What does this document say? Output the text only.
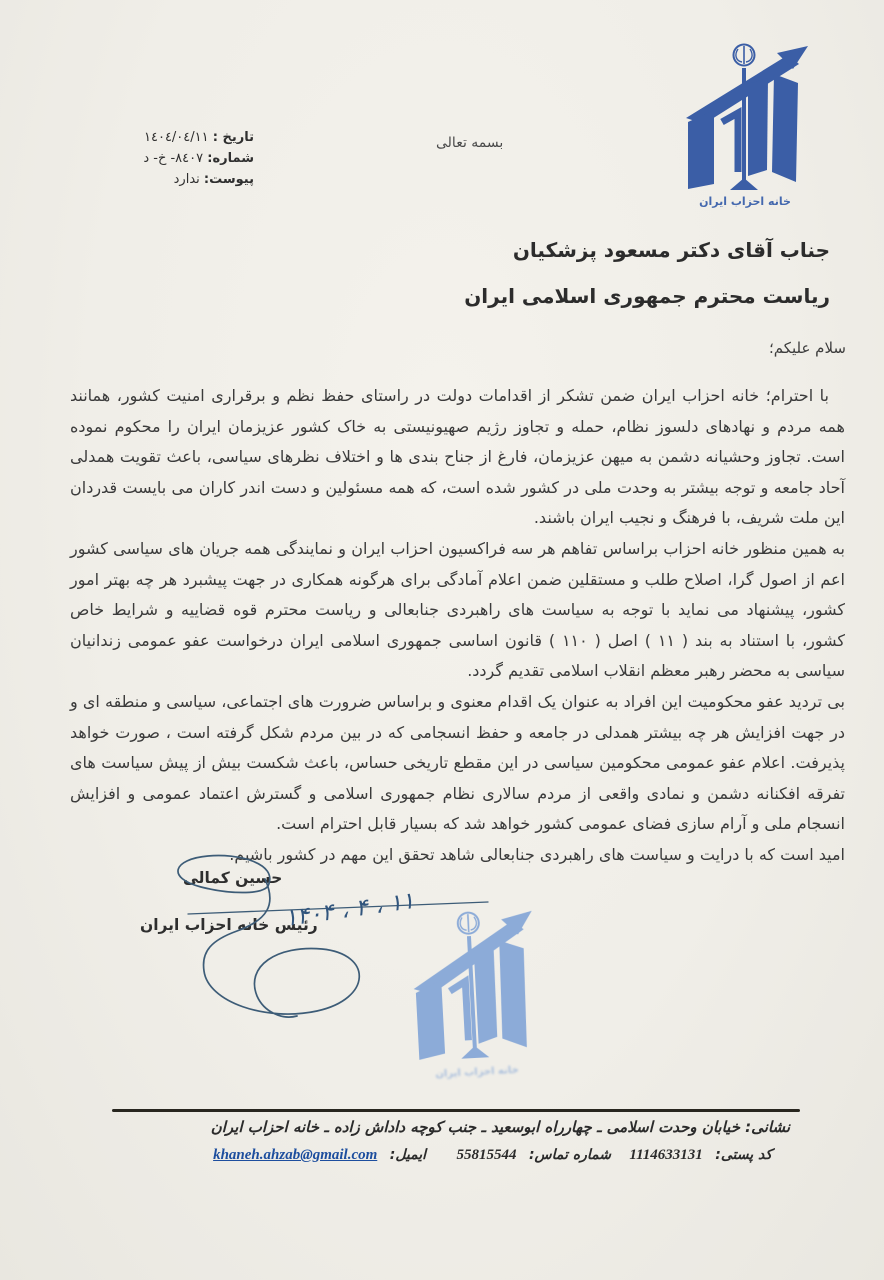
تاریخ : ١٤٠٤/٠٤/١١
شماره: ٨٤٠٧- خ- د
پیوست: ندارد
بسمه تعالی
خانه احزاب ایران
جناب آقای دکتر مسعود پزشکیان
ریاست محترم جمهوری اسلامی ایران
سلام علیکم؛

با احترام؛ خانه احزاب ایران ضمن تشکر از اقدامات دولت در راستای حفظ نظم و برقراری امنیت کشور، همانند همه مردم و نهادهای دلسوز نظام، حمله و تجاوز رژیم صهیونیستی به خاک کشور عزیزمان ایران را محکوم نموده است. تجاوز وحشیانه دشمن به میهن عزیزمان، فارغ از جناح بندی ها و اختلاف نظرهای سیاسی، باعث تقویت همدلی آحاد جامعه و توجه بیشتر به وحدت ملی در کشور شده است، که همه مسئولین و دست اندر کاران می بایست قدردان این ملت شریف، با فرهنگ و نجیب ایران باشند.

به همین منظور خانه احزاب براساس تفاهم هر سه فراکسیون احزاب ایران و نمایندگی همه جریان های سیاسی کشور اعم از اصول گرا، اصلاح طلب و مستقلین ضمن اعلام آمادگی برای هرگونه همکاری در جهت پیشبرد هر چه بهتر امور کشور، پیشنهاد می نماید با توجه به سیاست های راهبردی جنابعالی و ریاست محترم قوه قضاییه و شرایط خاص کشور، با استناد به بند ( ۱۱ ) اصل ( ۱۱۰ ) قانون اساسی جمهوری اسلامی ایران درخواست عفو عمومی زندانیان سیاسی به محضر رهبر معظم انقلاب اسلامی تقدیم گردد.

بی تردید عفو محکومیت این افراد به عنوان یک اقدام معنوی و براساس ضرورت های اجتماعی، سیاسی و منطقه ای و در جهت افزایش هر چه بیشتر همدلی در جامعه و حفظ انسجامی که در بین مردم شکل گرفته است ، صورت خواهد پذیرفت. اعلام عفو عمومی محکومین سیاسی در این مقطع تاریخی حساس، باعث شکست بیش از پیش سیاست های تفرقه افکنانه دشمن و نمادی واقعی از مردم سالاری نظام جمهوری اسلامی و گسترش اعتماد عمومی و افزایش انسجام ملی و آرام سازی فضای عمومی کشور خواهد شد که بسیار قابل احترام است.

امید است که با درایت و سیاست های راهبردی جنابعالی شاهد تحقق این مهم در کشور باشیم.

حسین کمالی
رئیس خانه احزاب ایران
۱۴۰۴ ، ۴ ، ۱۱
خانه احزاب ایران
نشانی: خیابان وحدت اسلامی ـ چهارراه ابوسعید ـ جنب کوچه داداش زاده ـ خانه احزاب ایران
کد پستی: 1114633131 شماره تماس: 55815544 ایمیل: khaneh.ahzab@gmail.com
